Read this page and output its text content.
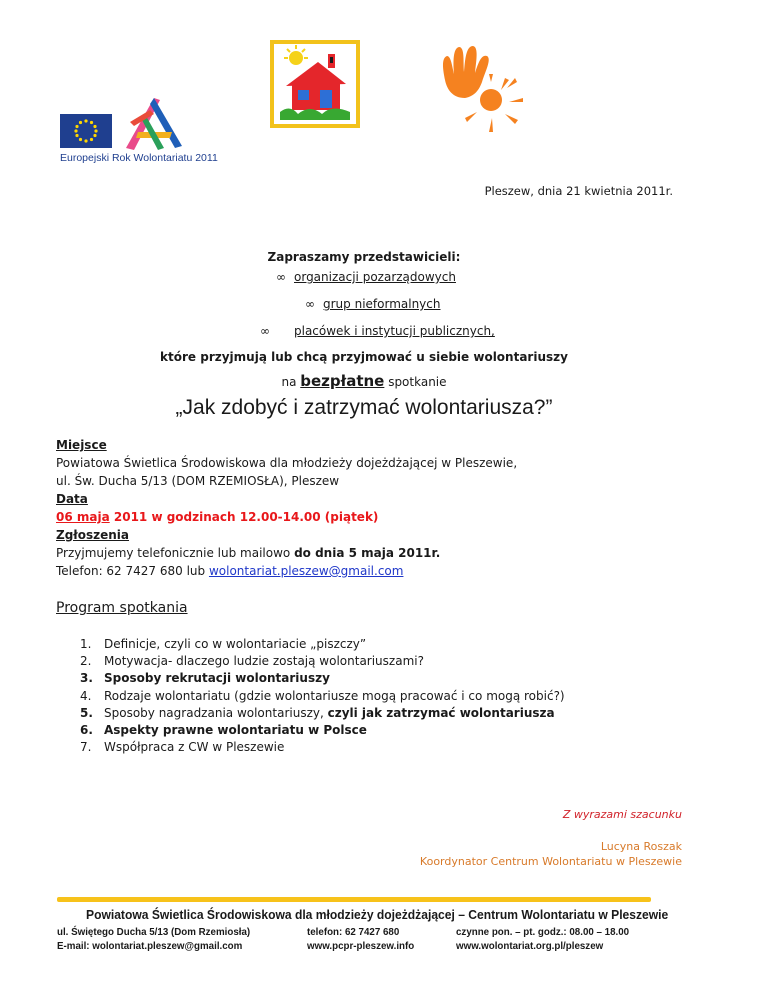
Europejski Rok Wolontariatu 2011
Pleszew, dnia 21 kwietnia 2011r.
Zapraszamy przedstawicieli:
∞ organizacji pozarządowych
∞ grup nieformalnych
∞ placówek i instytucji publicznych,
które przyjmują lub chcą przyjmować u siebie wolontariuszy
na bezpłatne spotkanie
„Jak zdobyć i zatrzymać wolontariusza?”
Miejsce
Powiatowa Świetlica Środowiskowa dla młodzieży dojeżdżającej w Pleszewie,
ul. Św. Ducha 5/13 (DOM RZEMIOSŁA), Pleszew
Data
06 maja 2011 w godzinach 12.00-14.00 (piątek)
Zgłoszenia
Przyjmujemy telefonicznie lub mailowo do dnia 5 maja 2011r.
Telefon: 62 7427 680 lub wolontariat.pleszew@gmail.com
Program spotkania
1. Definicje, czyli co w wolontariacie „piszczy”
2. Motywacja- dlaczego ludzie zostają wolontariuszami?
3. Sposoby rekrutacji wolontariuszy
4. Rodzaje wolontariatu (gdzie wolontariusze mogą pracować i co mogą robić?)
5. Sposoby nagradzania wolontariuszy, czyli jak zatrzymać wolontariusza
6. Aspekty prawne wolontariatu w Polsce
7. Współpraca z CW w Pleszewie
Z wyrazami szacunku
Lucyna Roszak
Koordynator Centrum Wolontariatu w Pleszewie
Powiatowa Świetlica Środowiskowa dla młodzieży dojeżdżającej – Centrum Wolontariatu w Pleszewie
ul. Świętego Ducha 5/13 (Dom Rzemiosła)
E-mail: wolontariat.pleszew@gmail.com
telefon: 62 7427 680
www.pcpr-pleszew.info
czynne pon. – pt. godz.: 08.00 – 18.00
www.wolontariat.org.pl/pleszew
